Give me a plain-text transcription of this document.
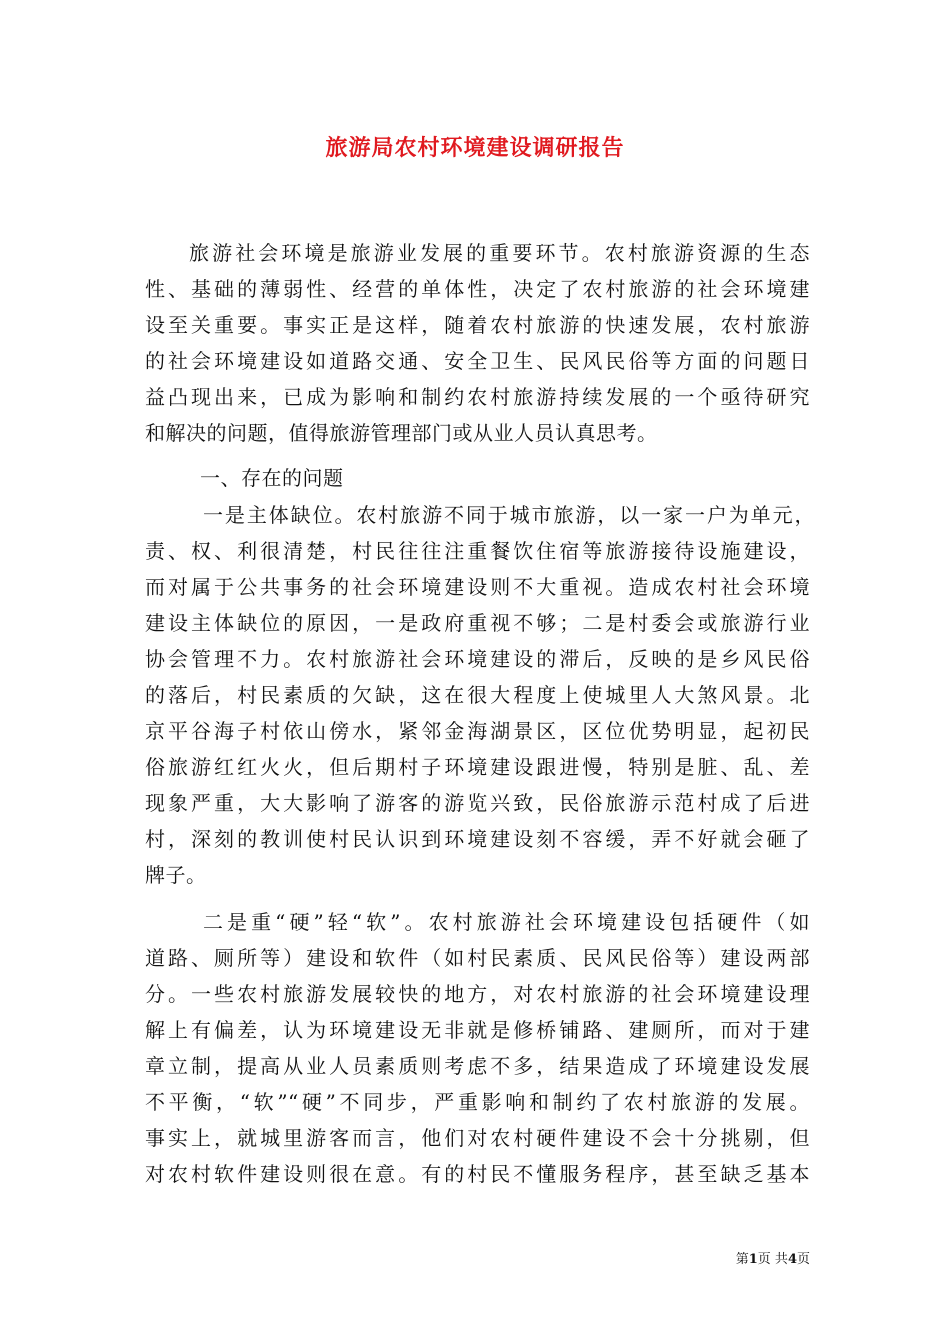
旅游局农村环境建设调研报告

旅游社会环境是旅游业发展的重要环节。农村旅游资源的生态

性、基础的薄弱性、经营的单体性，决定了农村旅游的社会环境建

设至关重要。事实正是这样，随着农村旅游的快速发展，农村旅游

的社会环境建设如道路交通、安全卫生、民风民俗等方面的问题日

益凸现出来，已成为影响和制约农村旅游持续发展的一个亟待研究

和解决的问题，值得旅游管理部门或从业人员认真思考。

一、存在的问题

一是主体缺位。农村旅游不同于城市旅游，以一家一户为单元，

责、权、利很清楚，村民往往注重餐饮住宿等旅游接待设施建设，

而对属于公共事务的社会环境建设则不大重视。造成农村社会环境

建设主体缺位的原因，一是政府重视不够；二是村委会或旅游行业

协会管理不力。农村旅游社会环境建设的滞后，反映的是乡风民俗

的落后，村民素质的欠缺，这在很大程度上使城里人大煞风景。北

京平谷海子村依山傍水，紧邻金海湖景区，区位优势明显，起初民

俗旅游红红火火，但后期村子环境建设跟进慢，特别是脏、乱、差

现象严重，大大影响了游客的游览兴致，民俗旅游示范村成了后进

村，深刻的教训使村民认识到环境建设刻不容缓，弄不好就会砸了

牌子。

二是重“硬”轻“软”。农村旅游社会环境建设包括硬件（如

道路、厕所等）建设和软件（如村民素质、民风民俗等）建设两部

分。一些农村旅游发展较快的地方，对农村旅游的社会环境建设理

解上有偏差，认为环境建设无非就是修桥铺路、建厕所，而对于建

章立制，提高从业人员素质则考虑不多，结果造成了环境建设发展

不平衡，“软”“硬”不同步，严重影响和制约了农村旅游的发展。

事实上，就城里游客而言，他们对农村硬件建设不会十分挑剔，但

对农村软件建设则很在意。有的村民不懂服务程序，甚至缺乏基本

第1页 共4页
